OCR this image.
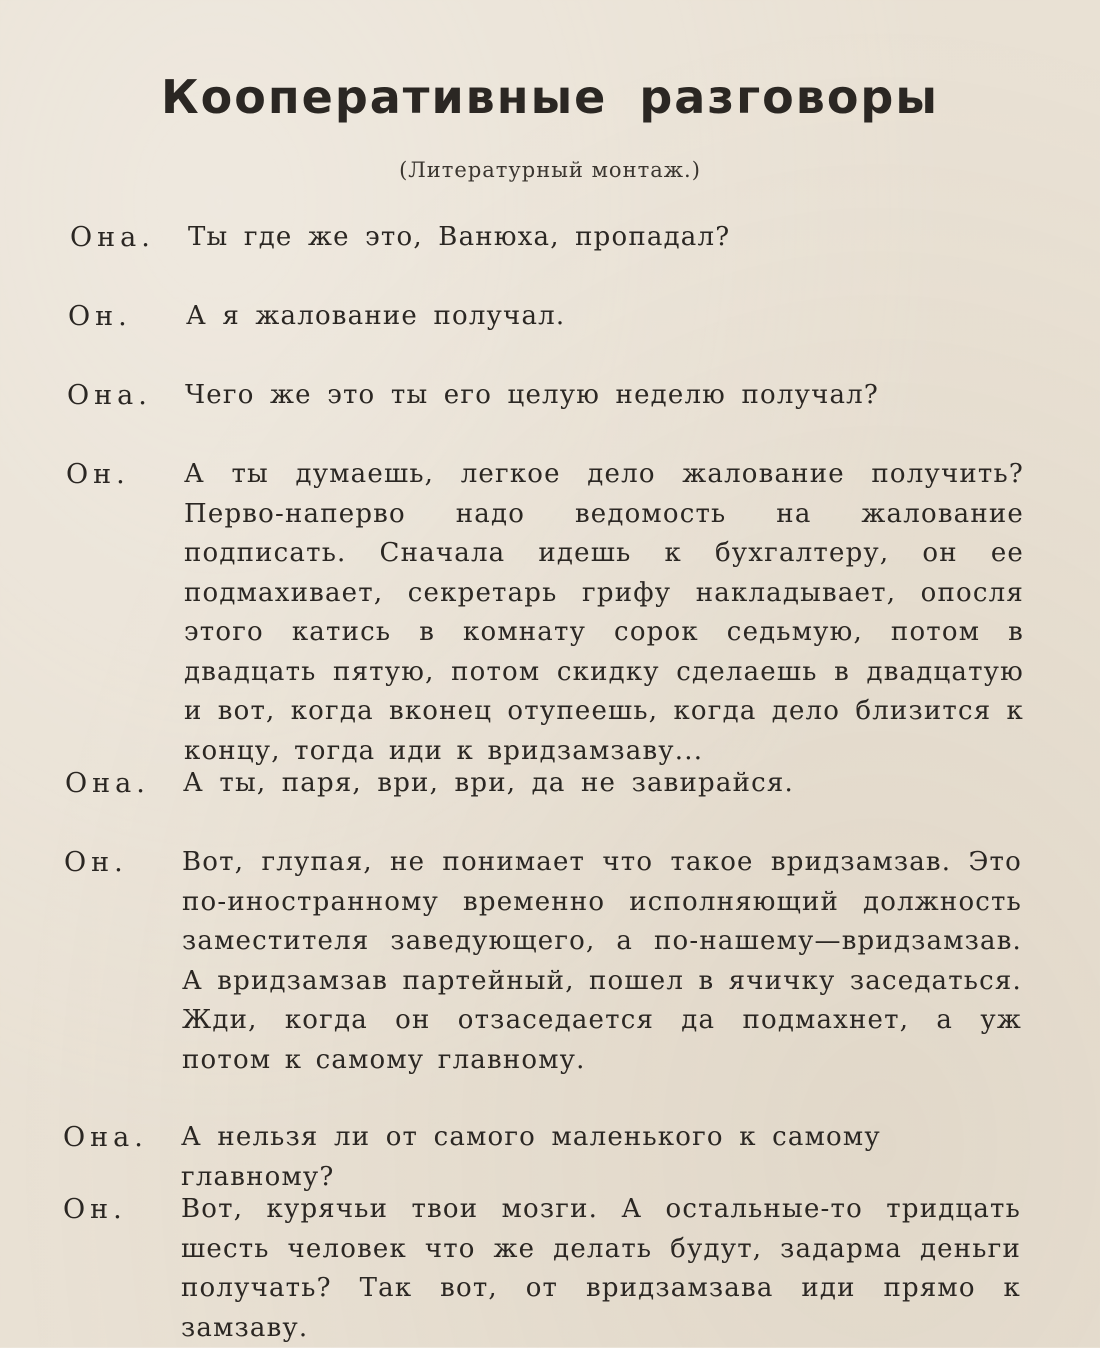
Кооперативные разговоры
(Литературный монтаж.)
Она.	Ты где же это, Ванюха, пропадал?
Он.	А я жалование получал.
Она.	Чего же это ты его целую неделю получал?
Он.	А ты думаешь, легкое дело жалование получить? Перво-наперво надо ведомость на жалование подписать. Сначала идешь к бухгалтеру, он ее подмахивает, секретарь грифу накладывает, опосля этого катись в комнату сорок седьмую, потом в двадцать пятую, потом скидку сделаешь в двадцатую и вот, когда вконец отупеешь, когда дело близится к концу, тогда иди к вридзамзаву...
Она.	А ты, паря, ври, ври, да не завирайся.
Он.	Вот, глупая, не понимает что такое вридзамзав. Это по-иностранному временно исполняющий должность заместителя заведующего, а по-нашему—вридзамзав. А вридзамзав партейный, пошел в ячичку заседаться. Жди, когда он отзаседается да подмахнет, а уж потом к самому главному.
Она.	А нельзя ли от самого маленького к самому главному?
Он.	Вот, курячьи твои мозги. А остальные-то тридцать шесть человек что же делать будут, задарма деньги получать? Так вот, от вридзамзава иди прямо к замзаву.
